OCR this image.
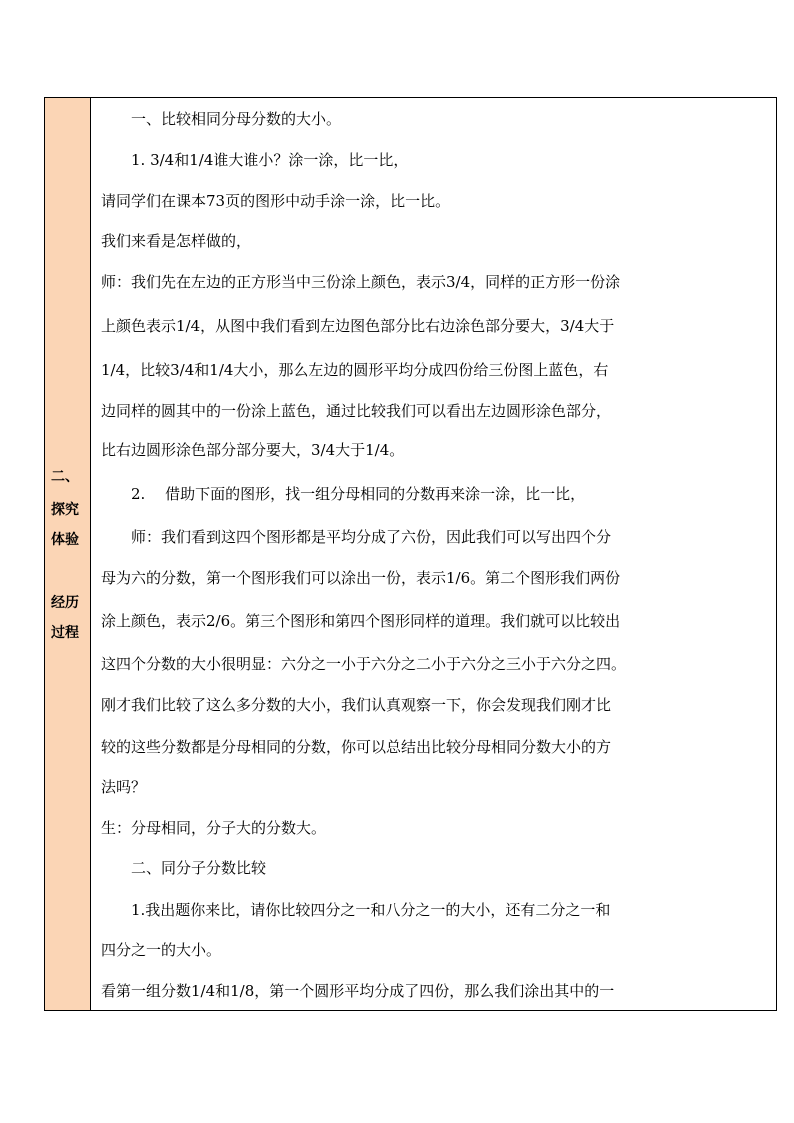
二、
探究
体验
经历
过程
　　一、比较相同分母分数的大小。
　　1. 3/4和1/4谁大谁小？涂一涂，比一比，
请同学们在课本73页的图形中动手涂一涂，比一比。
我们来看是怎样做的，
师：我们先在左边的正方形当中三份涂上颜色，表示3/4，同样的正方形一份涂
上颜色表示1/4，从图中我们看到左边图色部分比右边涂色部分要大，3/4大于
1/4，比较3/4和1/4大小，那么左边的圆形平均分成四份给三份图上蓝色，右
边同样的圆其中的一份涂上蓝色，通过比较我们可以看出左边圆形涂色部分，
比右边圆形涂色部分部分要大，3/4大于1/4。
　　2.　 借助下面的图形，找一组分母相同的分数再来涂一涂，比一比，
　　师：我们看到这四个图形都是平均分成了六份，因此我们可以写出四个分
母为六的分数，第一个图形我们可以涂出一份，表示1/6。第二个图形我们两份
涂上颜色，表示2/6。第三个图形和第四个图形同样的道理。我们就可以比较出
这四个分数的大小很明显：六分之一小于六分之二小于六分之三小于六分之四。
刚才我们比较了这么多分数的大小，我们认真观察一下，你会发现我们刚才比
较的这些分数都是分母相同的分数，你可以总结出比较分母相同分数大小的方
法吗？
生：分母相同，分子大的分数大。
　　二、同分子分数比较
　　1.我出题你来比，请你比较四分之一和八分之一的大小，还有二分之一和
四分之一的大小。
看第一组分数1/4和1/8，第一个圆形平均分成了四份，那么我们涂出其中的一
